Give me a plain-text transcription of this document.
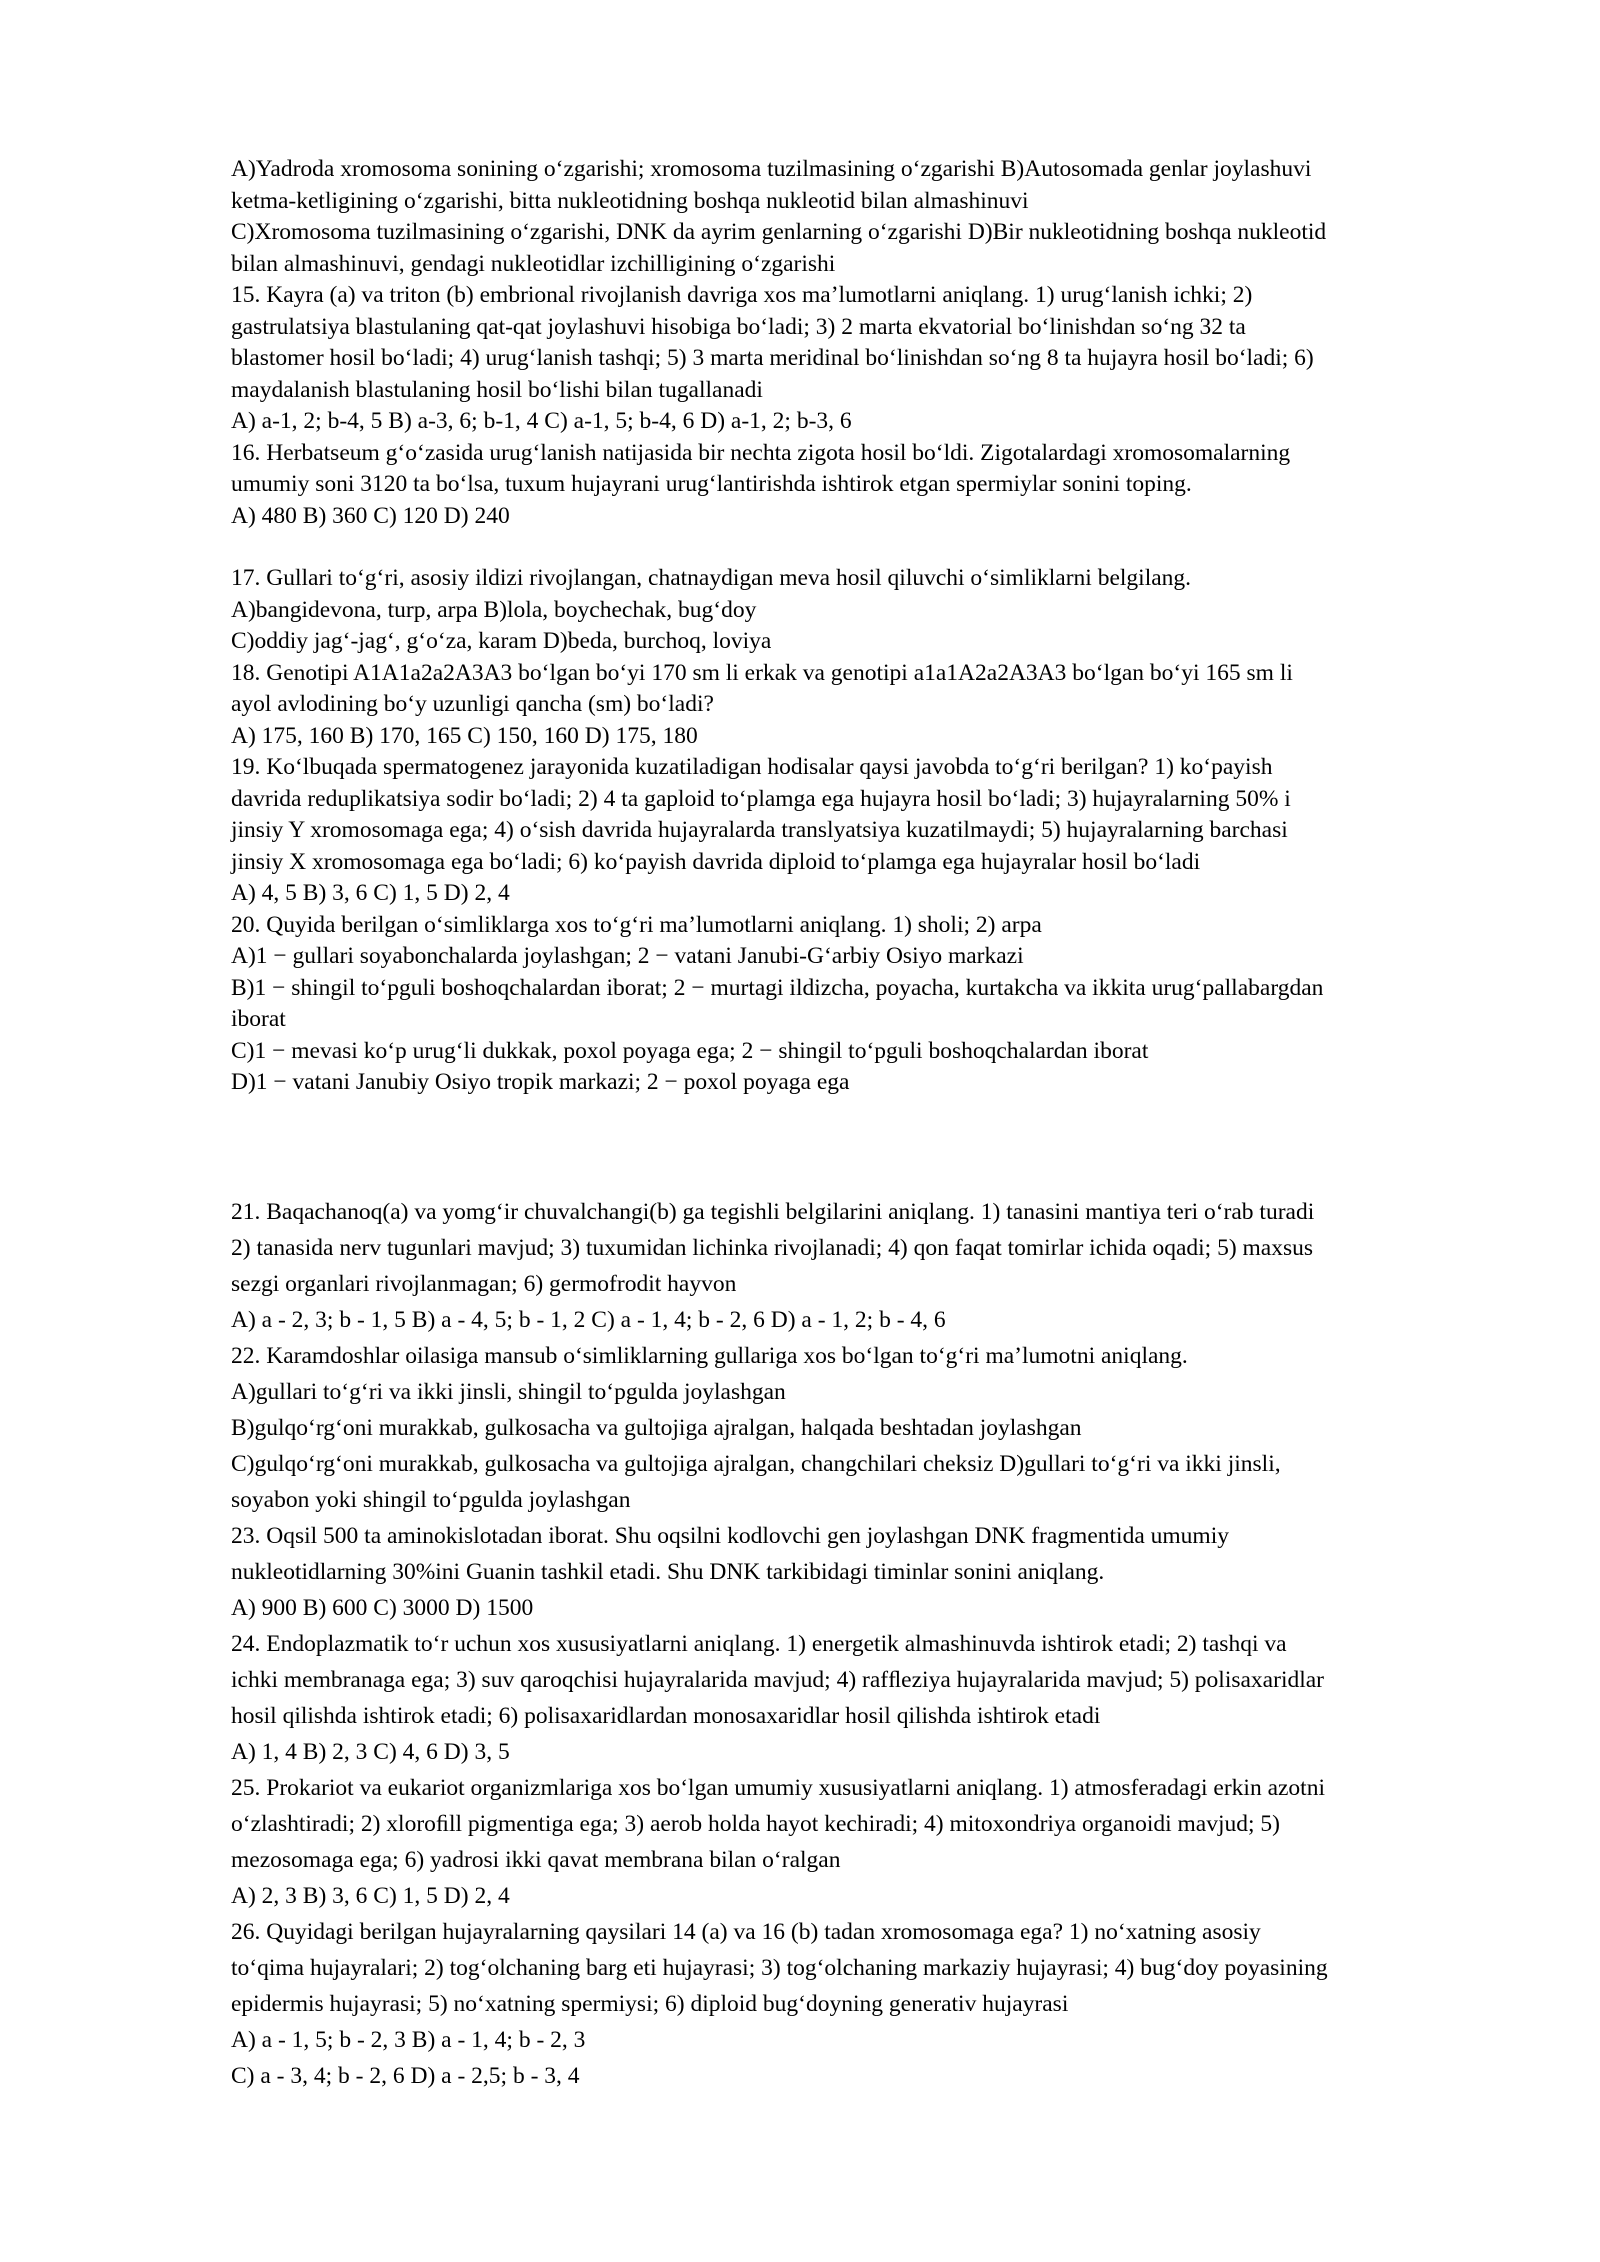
A)Yadroda xromosoma sonining o‘zgarishi; xromosoma tuzilmasining o‘zgarishi B)Autosomada genlar joylashuvi
ketma-ketligining o‘zgarishi, bitta nukleotidning boshqa nukleotid bilan almashinuvi
C)Xromosoma tuzilmasining o‘zgarishi, DNK da ayrim genlarning o‘zgarishi D)Bir nukleotidning boshqa nukleotid
bilan almashinuvi, gendagi nukleotidlar izchilligining o‘zgarishi
15. Kayra (a) va triton (b) embrional rivojlanish davriga xos ma’lumotlarni aniqlang. 1) urug‘lanish ichki; 2)
gastrulatsiya blastulaning qat-qat joylashuvi hisobiga bo‘ladi; 3) 2 marta ekvatorial bo‘linishdan so‘ng 32 ta
blastomer hosil bo‘ladi; 4) urug‘lanish tashqi; 5) 3 marta meridinal bo‘linishdan so‘ng 8 ta hujayra hosil bo‘ladi; 6)
maydalanish blastulaning hosil bo‘lishi bilan tugallanadi
A) a-1, 2; b-4, 5 B) a-3, 6; b-1, 4 C) a-1, 5; b-4, 6 D) a-1, 2; b-3, 6
16. Herbatseum g‘o‘zasida urug‘lanish natijasida bir nechta zigota hosil bo‘ldi. Zigotalardagi xromosomalarning
umumiy soni 3120 ta bo‘lsa, tuxum hujayrani urug‘lantirishda ishtirok etgan spermiylar sonini toping.
A) 480 B) 360 C) 120 D) 240
17. Gullari to‘g‘ri, asosiy ildizi rivojlangan, chatnaydigan meva hosil qiluvchi o‘simliklarni belgilang.
A)bangidevona, turp, arpa B)lola, boychechak, bug‘doy
C)oddiy jag‘-jag‘, g‘o‘za, karam D)beda, burchoq, loviya
18. Genotipi A1A1a2a2A3A3 bo‘lgan bo‘yi 170 sm li erkak va genotipi a1a1A2a2A3A3 bo‘lgan bo‘yi 165 sm li
ayol avlodining bo‘y uzunligi qancha (sm) bo‘ladi?
A) 175, 160 B) 170, 165 C) 150, 160 D) 175, 180
19. Ko‘lbuqada spermatogenez jarayonida kuzatiladigan hodisalar qaysi javobda to‘g‘ri berilgan? 1) ko‘payish
davrida reduplikatsiya sodir bo‘ladi; 2) 4 ta gaploid to‘plamga ega hujayra hosil bo‘ladi; 3) hujayralarning 50% i
jinsiy Y xromosomaga ega; 4) o‘sish davrida hujayralarda translyatsiya kuzatilmaydi; 5) hujayralarning barchasi
jinsiy X xromosomaga ega bo‘ladi; 6) ko‘payish davrida diploid to‘plamga ega hujayralar hosil bo‘ladi
A) 4, 5 B) 3, 6 C) 1, 5 D) 2, 4
20. Quyida berilgan o‘simliklarga xos to‘g‘ri ma’lumotlarni aniqlang. 1) sholi; 2) arpa
A)1 − gullari soyabonchalarda joylashgan; 2 − vatani Janubi-G‘arbiy Osiyo markazi
B)1 − shingil to‘pguli boshoqchalardan iborat; 2 − murtagi ildizcha, poyacha, kurtakcha va ikkita urug‘pallabargdan
iborat
C)1 − mevasi ko‘p urug‘li dukkak, poxol poyaga ega; 2 − shingil to‘pguli boshoqchalardan iborat
D)1 − vatani Janubiy Osiyo tropik markazi; 2 − poxol poyaga ega
21. Baqachanoq(a) va yomg‘ir chuvalchangi(b) ga tegishli belgilarini aniqlang. 1) tanasini mantiya teri o‘rab turadi
2) tanasida nerv tugunlari mavjud; 3) tuxumidan lichinka rivojlanadi; 4) qon faqat tomirlar ichida oqadi; 5) maxsus
sezgi organlari rivojlanmagan; 6) germofrodit hayvon
A) a - 2, 3; b - 1, 5 B) a - 4, 5; b - 1, 2 C) a - 1, 4; b - 2, 6 D) a - 1, 2; b - 4, 6
22. Karamdoshlar oilasiga mansub o‘simliklarning gullariga xos bo‘lgan to‘g‘ri ma’lumotni aniqlang.
A)gullari to‘g‘ri va ikki jinsli, shingil to‘pgulda joylashgan
B)gulqo‘rg‘oni murakkab, gulkosacha va gultojiga ajralgan, halqada beshtadan joylashgan
C)gulqo‘rg‘oni murakkab, gulkosacha va gultojiga ajralgan, changchilari cheksiz D)gullari to‘g‘ri va ikki jinsli,
soyabon yoki shingil to‘pgulda joylashgan
23. Oqsil 500 ta aminokislotadan iborat. Shu oqsilni kodlovchi gen joylashgan DNK fragmentida umumiy
nukleotidlarning 30%ini Guanin tashkil etadi. Shu DNK tarkibidagi timinlar sonini aniqlang.
A) 900 B) 600 C) 3000 D) 1500
24. Endoplazmatik to‘r uchun xos xususiyatlarni aniqlang. 1) energetik almashinuvda ishtirok etadi; 2) tashqi va
ichki membranaga ega; 3) suv qaroqchisi hujayralarida mavjud; 4) rafﬂeziya hujayralarida mavjud; 5) polisaxaridlar
hosil qilishda ishtirok etadi; 6) polisaxaridlardan monosaxaridlar hosil qilishda ishtirok etadi
A) 1, 4 B) 2, 3 C) 4, 6 D) 3, 5
25. Prokariot va eukariot organizmlariga xos bo‘lgan umumiy xususiyatlarni aniqlang. 1) atmosferadagi erkin azotni
o‘zlashtiradi; 2) xloroﬁll pigmentiga ega; 3) aerob holda hayot kechiradi; 4) mitoxondriya organoidi mavjud; 5)
mezosomaga ega; 6) yadrosi ikki qavat membrana bilan o‘ralgan
A) 2, 3 B) 3, 6 C) 1, 5 D) 2, 4
26. Quyidagi berilgan hujayralarning qaysilari 14 (a) va 16 (b) tadan xromosomaga ega? 1) no‘xatning asosiy
to‘qima hujayralari; 2) tog‘olchaning barg eti hujayrasi; 3) tog‘olchaning markaziy hujayrasi; 4) bug‘doy poyasining
epidermis hujayrasi; 5) no‘xatning spermiysi; 6) diploid bug‘doyning generativ hujayrasi
A) a - 1, 5; b - 2, 3 B) a - 1, 4; b - 2, 3
C) a - 3, 4; b - 2, 6 D) a - 2,5; b - 3, 4
